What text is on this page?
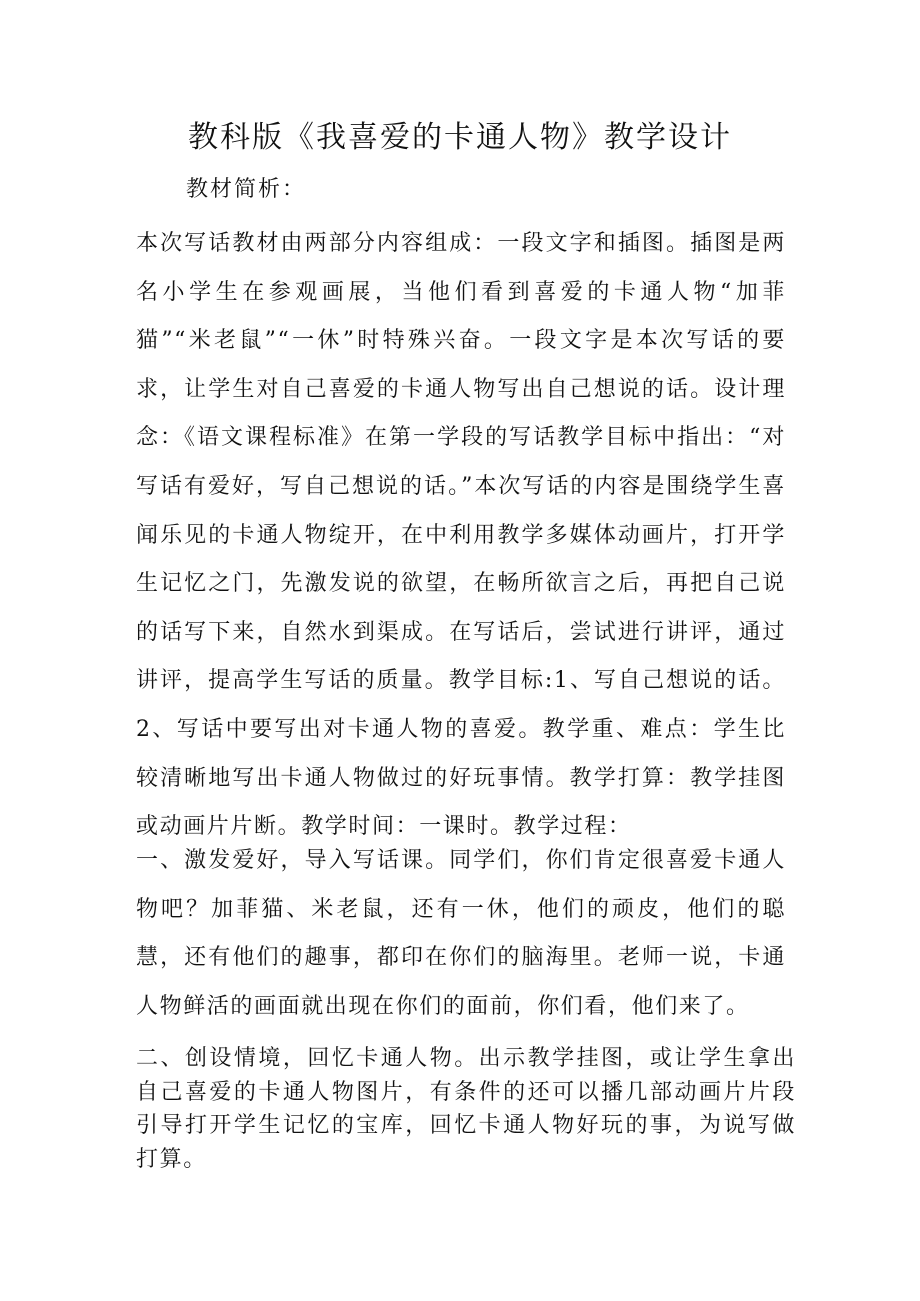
教科版《我喜爱的卡通人物》教学设计
教材简析：
本次写话教材由两部分内容组成：一段文字和插图。插图是两名小学生在参观画展，当他们看到喜爱的卡通人物“加菲猫”“米老鼠”“一休”时特殊兴奋。一段文字是本次写话的要求，让学生对自己喜爱的卡通人物写出自己想说的话。设计理念：《语文课程标准》在第一学段的写话教学目标中指出：“对写话有爱好，写自己想说的话。”本次写话的内容是围绕学生喜闻乐见的卡通人物绽开，在中利用教学多媒体动画片，打开学生记忆之门，先激发说的欲望，在畅所欲言之后，再把自己说的话写下来，自然水到渠成。在写话后，尝试进行讲评，通过讲评，提高学生写话的质量。教学目标:1、写自己想说的话。2、写话中要写出对卡通人物的喜爱。教学重、难点：学生比较清晰地写出卡通人物做过的好玩事情。教学打算：教学挂图或动画片片断。教学时间：一课时。教学过程：
一、激发爱好，导入写话课。同学们，你们肯定很喜爱卡通人物吧？加菲猫、米老鼠，还有一休，他们的顽皮，他们的聪慧，还有他们的趣事，都印在你们的脑海里。老师一说，卡通人物鲜活的画面就出现在你们的面前，你们看，他们来了。
二、创设情境，回忆卡通人物。出示教学挂图，或让学生拿出自己喜爱的卡通人物图片，有条件的还可以播几部动画片片段引导打开学生记忆的宝库，回忆卡通人物好玩的事，为说写做打算。
